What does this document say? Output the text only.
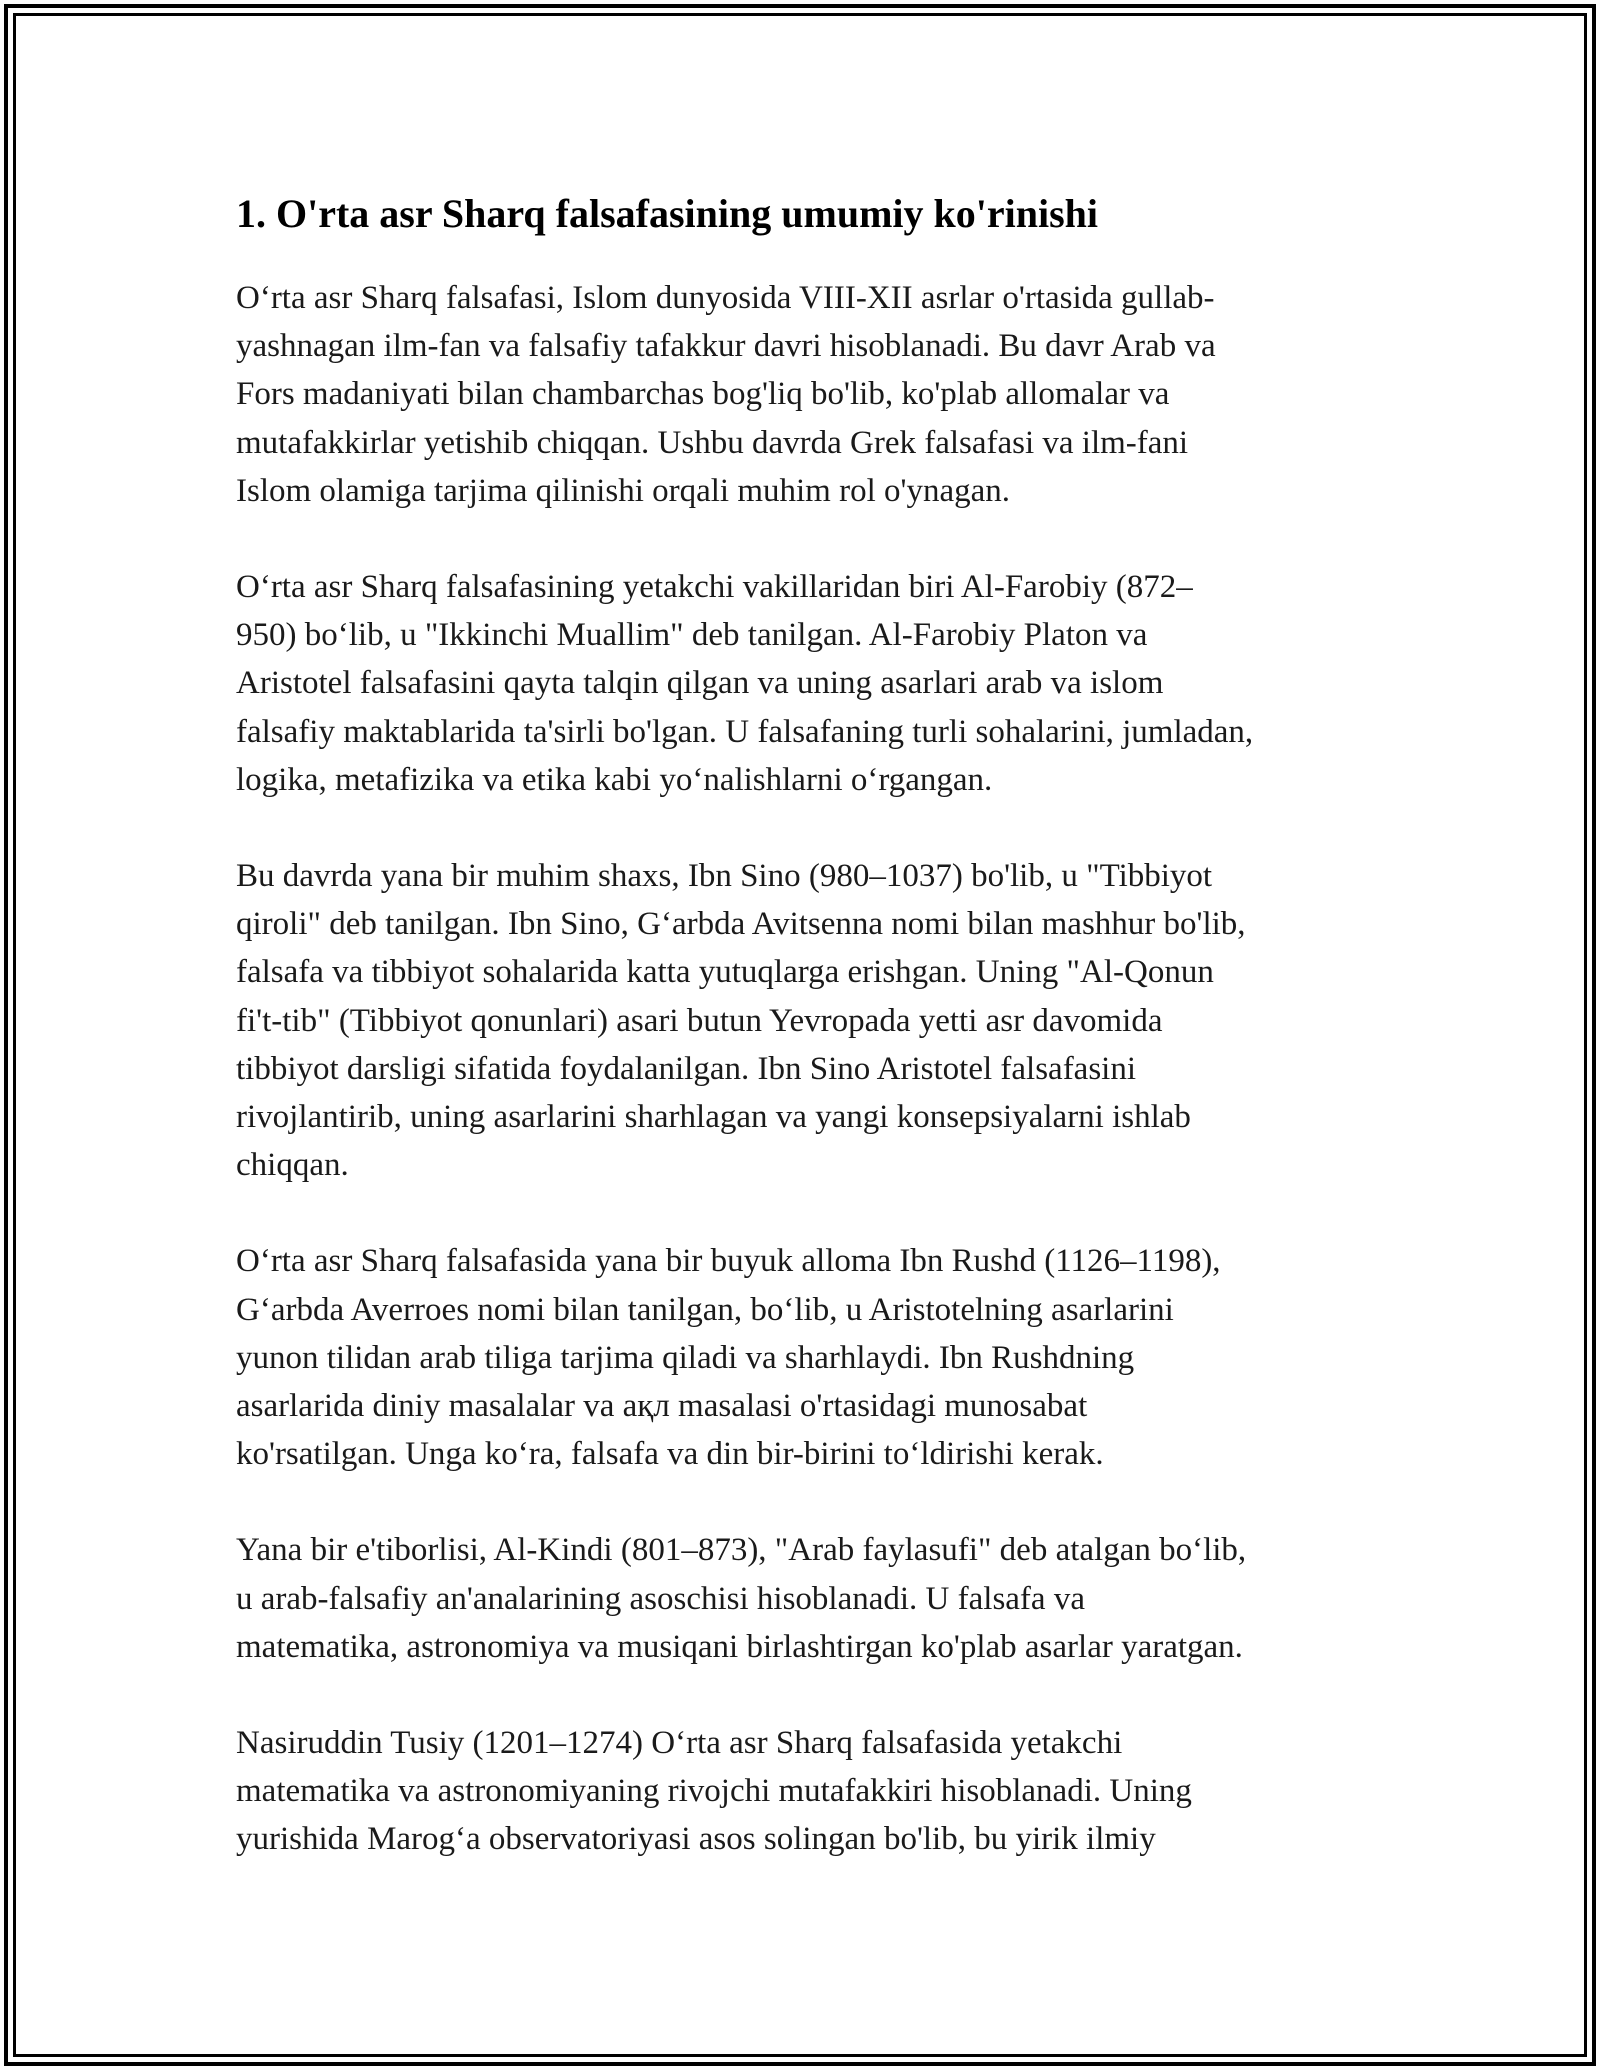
1. O'rta asr Sharq falsafasining umumiy ko'rinishi

O‘rta asr Sharq falsafasi, Islom dunyosida VIII-XII asrlar o'rtasida gullab-
yashnagan ilm-fan va falsafiy tafakkur davri hisoblanadi. Bu davr Arab va
Fors madaniyati bilan chambarchas bog'liq bo'lib, ko'plab allomalar va
mutafakkirlar yetishib chiqqan. Ushbu davrda Grek falsafasi va ilm-fani
Islom olamiga tarjima qilinishi orqali muhim rol o'ynagan.

O‘rta asr Sharq falsafasining yetakchi vakillaridan biri Al-Farobiy (872–
950) bo‘lib, u "Ikkinchi Muallim" deb tanilgan. Al-Farobiy Platon va
Aristotel falsafasini qayta talqin qilgan va uning asarlari arab va islom
falsafiy maktablarida ta'sirli bo'lgan. U falsafaning turli sohalarini, jumladan,
logika, metafizika va etika kabi yo‘nalishlarni o‘rgangan.

Bu davrda yana bir muhim shaxs, Ibn Sino (980–1037) bo'lib, u "Tibbiyot
qiroli" deb tanilgan. Ibn Sino, G‘arbda Avitsenna nomi bilan mashhur bo'lib,
falsafa va tibbiyot sohalarida katta yutuqlarga erishgan. Uning "Al-Qonun
fi't-tib" (Tibbiyot qonunlari) asari butun Yevropada yetti asr davomida
tibbiyot darsligi sifatida foydalanilgan. Ibn Sino Aristotel falsafasini
rivojlantirib, uning asarlarini sharhlagan va yangi konsepsiyalarni ishlab
chiqqan.

O‘rta asr Sharq falsafasida yana bir buyuk alloma Ibn Rushd (1126–1198),
G‘arbda Averroes nomi bilan tanilgan, bo‘lib, u Aristotelning asarlarini
yunon tilidan arab tiliga tarjima qiladi va sharhlaydi. Ibn Rushdning
asarlarida diniy masalalar va aқл masalasi o'rtasidagi munosabat
ko'rsatilgan. Unga ko‘ra, falsafa va din bir-birini to‘ldirishi kerak.

Yana bir e'tiborlisi, Al-Kindi (801–873), "Arab faylasufi" deb atalgan bo‘lib,
u arab-falsafiy an'analarining asoschisi hisoblanadi. U falsafa va
matematika, astronomiya va musiqani birlashtirgan ko'plab asarlar yaratgan.

Nasiruddin Tusiy (1201–1274) O‘rta asr Sharq falsafasida yetakchi
matematika va astronomiyaning rivojchi mutafakkiri hisoblanadi. Uning
yurishida Marog‘a observatoriyasi asos solingan bo'lib, bu yirik ilmiy
